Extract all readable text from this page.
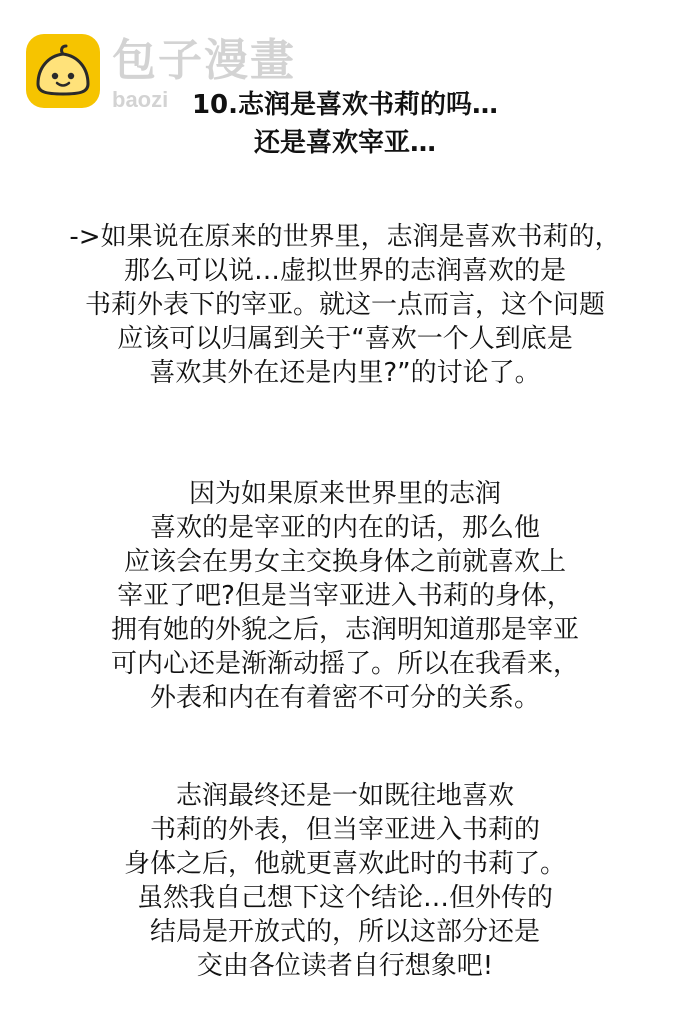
包子漫畫
baozi 10.志润是喜欢书莉的吗…
还是喜欢宰亚…
->如果说在原来的世界里，志润是喜欢书莉的，
那么可以说…虚拟世界的志润喜欢的是
书莉外表下的宰亚。就这一点而言，这个问题
应该可以归属到关于“喜欢一个人到底是
喜欢其外在还是内里?”的讨论了。
因为如果原来世界里的志润
喜欢的是宰亚的内在的话，那么他
应该会在男女主交换身体之前就喜欢上
宰亚了吧?但是当宰亚进入书莉的身体，
拥有她的外貌之后，志润明知道那是宰亚
可内心还是渐渐动摇了。所以在我看来，
外表和内在有着密不可分的关系。
志润最终还是一如既往地喜欢
书莉的外表，但当宰亚进入书莉的
身体之后，他就更喜欢此时的书莉了。
虽然我自己想下这个结论…但外传的
结局是开放式的，所以这部分还是
交由各位读者自行想象吧!
